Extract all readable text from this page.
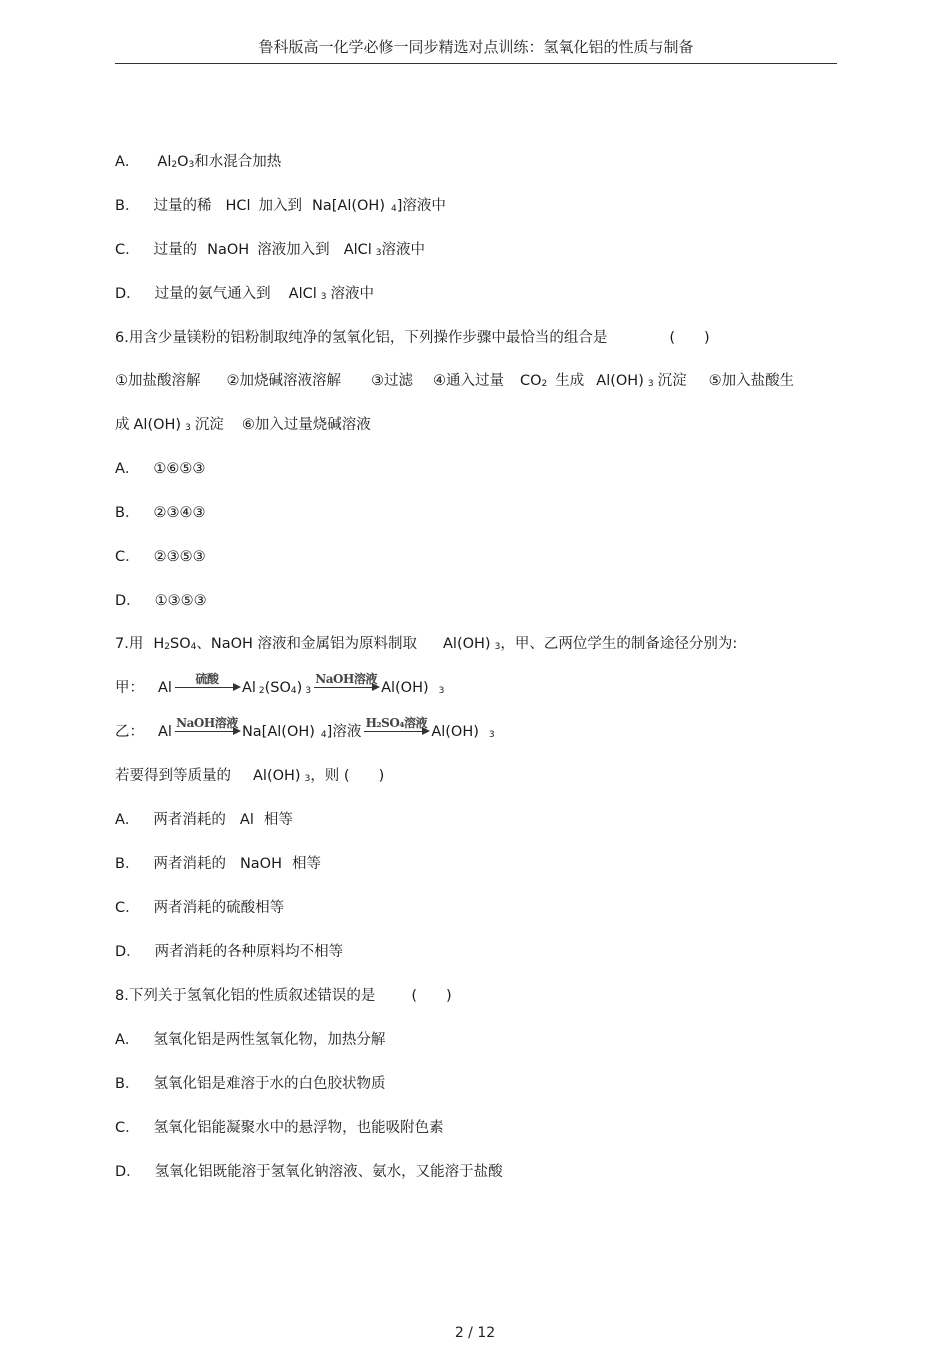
鲁科版高一化学必修一同步精选对点训练：氢氧化铝的性质与制备
A． Al2O3和水混合加热
B． 过量的稀 HCl 加入到 Na[Al(OH) 4]溶液中
C． 过量的 NaOH 溶液加入到 AlCl 3溶液中
D． 过量的氨气通入到 AlCl 3 溶液中
6.用含少量镁粉的铝粉制取纯净的氢氧化铝，下列操作步骤中最恰当的组合是	(　　)
①加盐酸溶解 ②加烧碱溶液溶解 ③过滤 ④通入过量 CO2 生成 Al(OH) 3 沉淀 ⑤加入盐酸生
成 Al(OH) 3 沉淀 ⑥加入过量烧碱溶液
A． ①⑥⑤③
B． ②③④③
C． ②③⑤③
D． ①③⑤③
7.用 H2SO4、NaOH 溶液和金属铝为原料制取 Al(OH) 3，甲、乙两位学生的制备途径分别为:
甲： Al
硫酸
Al 2(SO4) 3
NaOH溶液
Al(OH) 3
乙： Al
NaOH溶液
Na[Al(OH) 4]溶液
H₂SO₄溶液
Al(OH) 3
若要得到等质量的 Al(OH) 3，则 (　　)
A． 两者消耗的 Al 相等
B． 两者消耗的 NaOH 相等
C． 两者消耗的硫酸相等
D． 两者消耗的各种原料均不相等
8.下列关于氢氧化铝的性质叙述错误的是 (　　)
A． 氢氧化铝是两性氢氧化物，加热分解
B． 氢氧化铝是难溶于水的白色胶状物质
C． 氢氧化铝能凝聚水中的悬浮物，也能吸附色素
D． 氢氧化铝既能溶于氢氧化钠溶液、氨水，又能溶于盐酸
2 / 12
